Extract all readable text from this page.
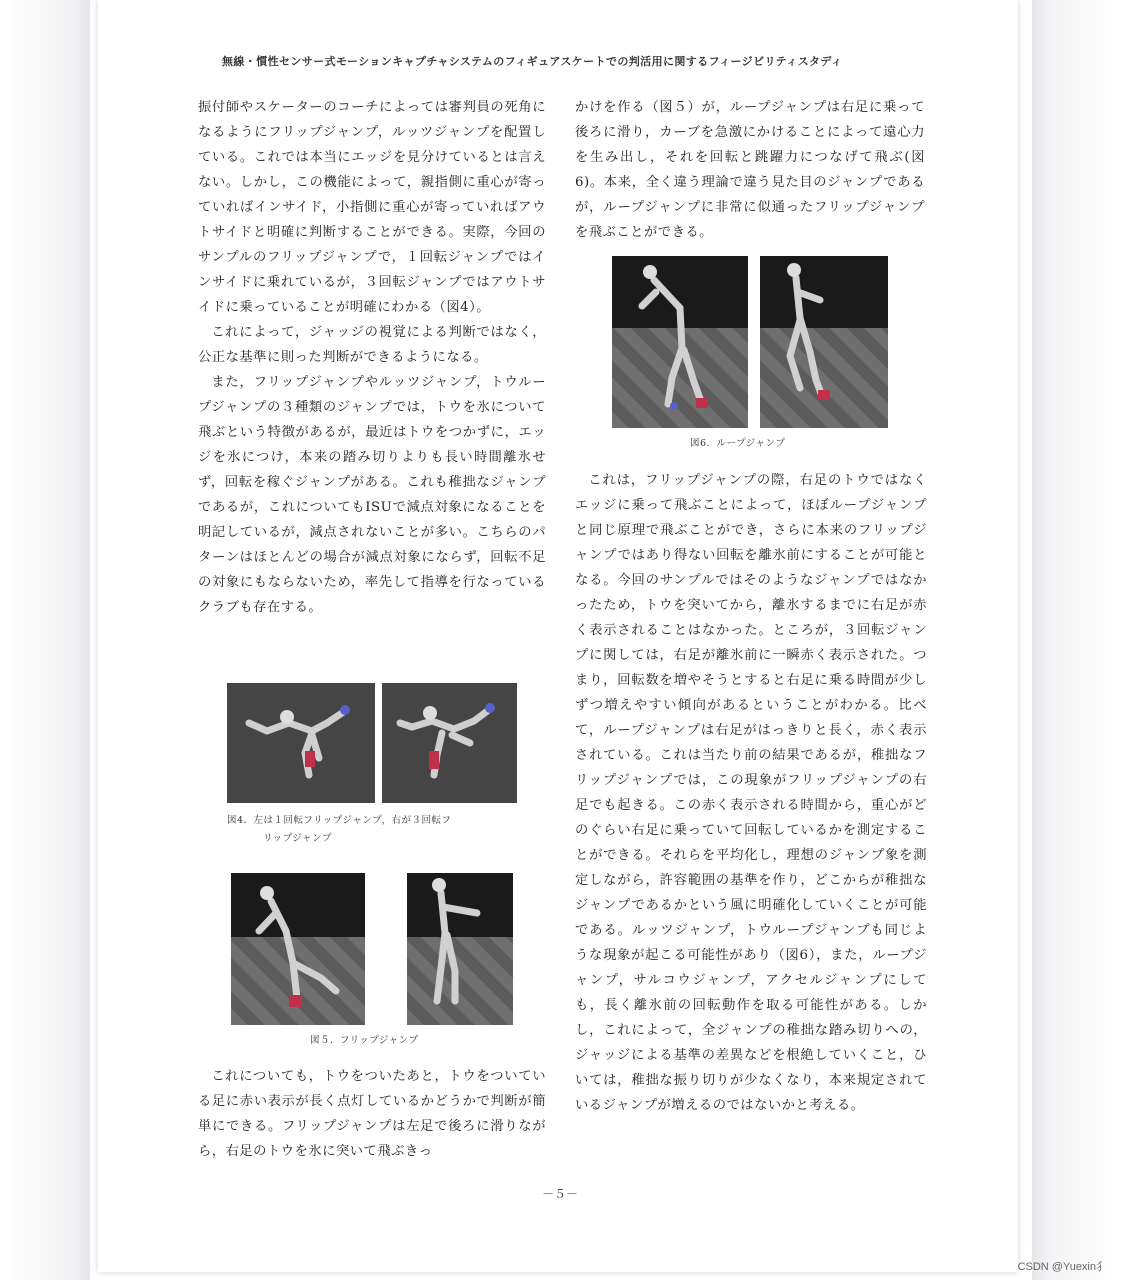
無線・慣性センサー式モーションキャプチャシステムのフィギュアスケートでの判活用に関するフィージビリティスタディ

振付師やスケーターのコーチによっては審判員の死角になるようにフリップジャンプ，ルッツジャンプを配置している。これでは本当にエッジを見分けているとは言えない。しかし，この機能によって，親指側に重心が寄っていればインサイド，小指側に重心が寄っていればアウトサイドと明確に判断することができる。実際，今回のサンプルのフリップジャンプで，１回転ジャンプではインサイドに乗れているが，３回転ジャンプではアウトサイドに乗っていることが明確にわかる（図4）。

これによって，ジャッジの視覚による判断ではなく，公正な基準に則った判断ができるようになる。

また，フリップジャンプやルッツジャンプ，トウループジャンプの３種類のジャンプでは，トウを氷について飛ぶという特徴があるが，最近はトウをつかずに，エッジを氷につけ，本来の踏み切りよりも長い時間離氷せず，回転を稼ぐジャンプがある。これも稚拙なジャンプであるが，これについてもISUで減点対象になることを明記しているが，減点されないことが多い。こちらのパターンはほとんどの場合が減点対象にならず，回転不足の対象にもならないため，率先して指導を行なっているクラブも存在する。

図4．左は１回転フリップジャンプ，右が３回転フ
リップジャンプ
図５．フリップジャンプ

これについても，トウをついたあと，トウをついている足に赤い表示が長く点灯しているかどうかで判断が簡単にできる。フリップジャンプは左足で後ろに滑りながら，右足のトウを氷に突いて飛ぶきっ

かけを作る（図５）が，ループジャンプは右足に乗って後ろに滑り，カーブを急激にかけることによって遠心力を生み出し，それを回転と跳躍力につなげて飛ぶ(図6)。本来，全く違う理論で違う見た目のジャンプであるが，ループジャンプに非常に似通ったフリップジャンプを飛ぶことができる。

図6．ループジャンプ

これは，フリップジャンプの際，右足のトウではなくエッジに乗って飛ぶことによって，ほぼループジャンプと同じ原理で飛ぶことができ，さらに本来のフリップジャンプではあり得ない回転を離氷前にすることが可能となる。今回のサンプルではそのようなジャンプではなかったため，トウを突いてから，離氷するまでに右足が赤く表示されることはなかった。ところが，３回転ジャンプに関しては，右足が離氷前に一瞬赤く表示された。つまり，回転数を増やそうとすると右足に乗る時間が少しずつ増えやすい傾向があるということがわかる。比べて，ループジャンプは右足がはっきりと長く，赤く表示されている。これは当たり前の結果であるが，稚拙なフリップジャンプでは，この現象がフリップジャンプの右足でも起きる。この赤く表示される時間から，重心がどのぐらい右足に乗っていて回転しているかを測定することができる。それらを平均化し，理想のジャンプ象を測定しながら，許容範囲の基準を作り，どこからが稚拙なジャンプであるかという風に明確化していくことが可能である。ルッツジャンプ，トウループジャンプも同じような現象が起こる可能性があり（図6），また，ループジャンプ，サルコウジャンプ，アクセルジャンプにしても，長く離氷前の回転動作を取る可能性がある。しかし，これによって，全ジャンプの稚拙な踏み切りへの，ジャッジによる基準の差異などを根絶していくこと，ひいては，稚拙な振り切りが少なくなり，本来規定されているジャンプが増えるのではないかと考える。

－５－
CSDN @Yuexin⺨
